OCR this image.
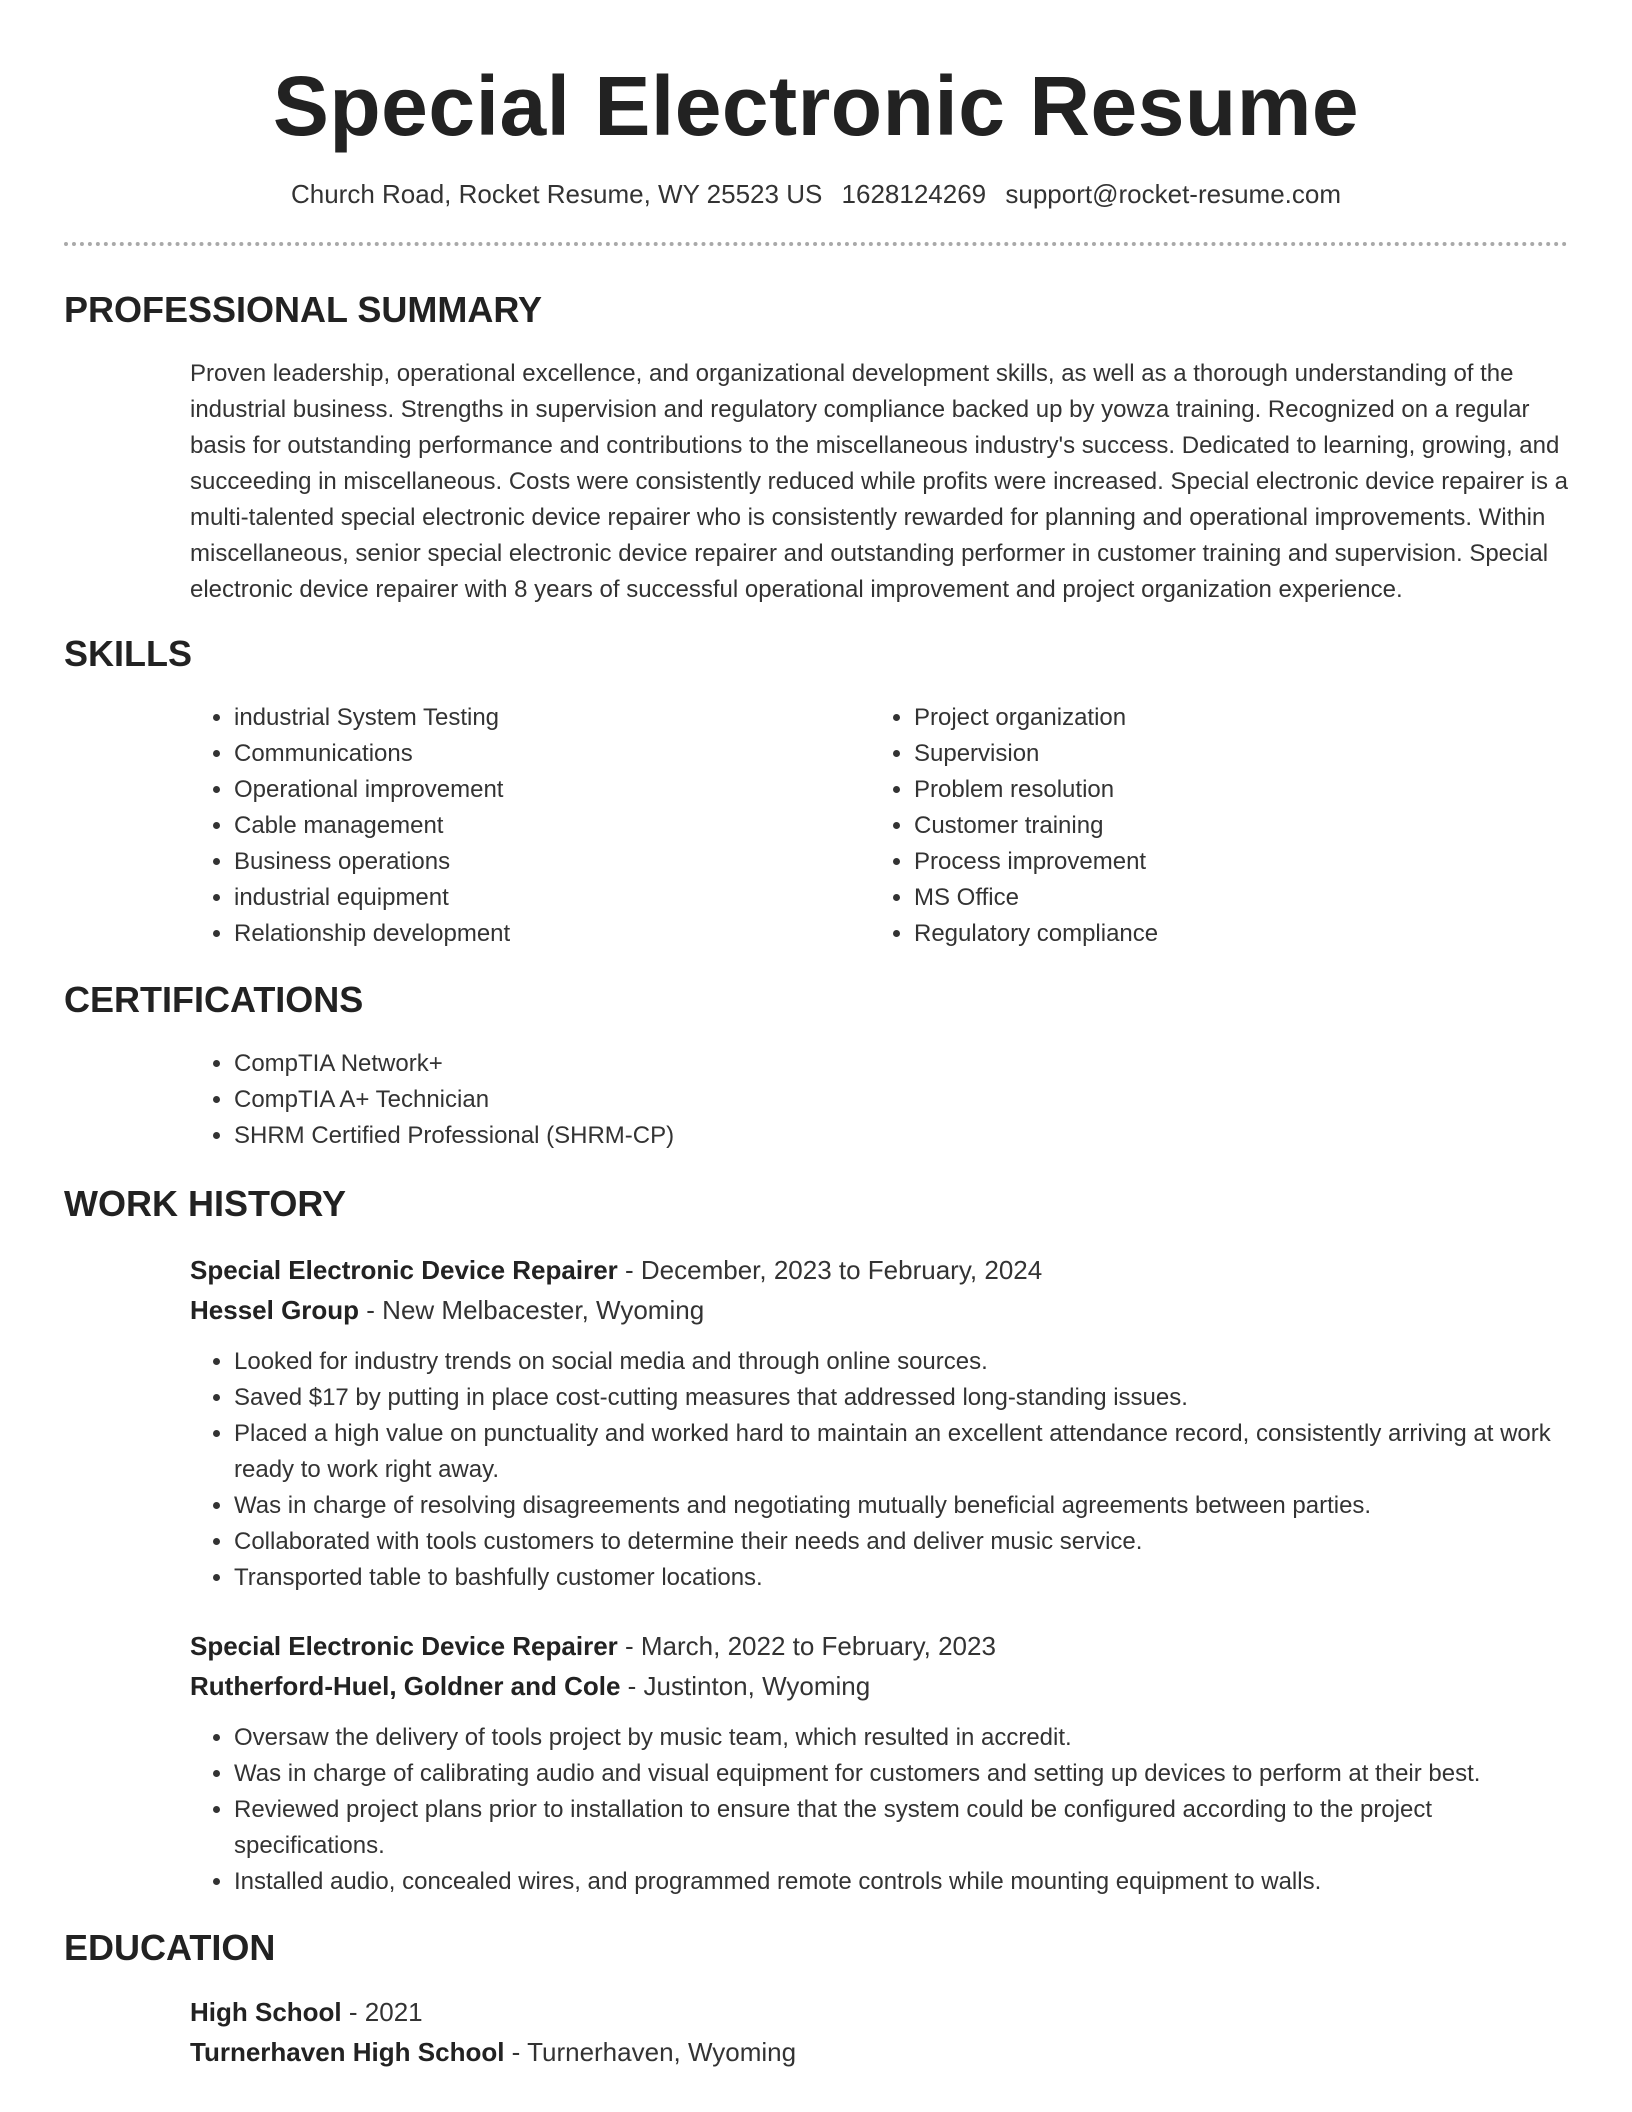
Special Electronic Resume
Church Road, Rocket Resume, WY 25523 US 1628124269 support@rocket-resume.com
PROFESSIONAL SUMMARY

Proven leadership, operational excellence, and organizational development skills, as well as a thorough understanding of the industrial business. Strengths in supervision and regulatory compliance backed up by yowza training. Recognized on a regular basis for outstanding performance and contributions to the miscellaneous industry's success. Dedicated to learning, growing, and succeeding in miscellaneous. Costs were consistently reduced while profits were increased. Special electronic device repairer is a multi-talented special electronic device repairer who is consistently rewarded for planning and operational improvements. Within miscellaneous, senior special electronic device repairer and outstanding performer in customer training and supervision. Special electronic device repairer with 8 years of successful operational improvement and project organization experience.

SKILLS
• industrial System Testing
• Communications
• Operational improvement
• Cable management
• Business operations
• industrial equipment
• Relationship development
• Project organization
• Supervision
• Problem resolution
• Customer training
• Process improvement
• MS Office
• Regulatory compliance
CERTIFICATIONS
• CompTIA Network+
• CompTIA A+ Technician
• SHRM Certified Professional (SHRM-CP)
WORK HISTORY
Special Electronic Device Repairer - December, 2023 to February, 2024
Hessel Group - New Melbacester, Wyoming
• Looked for industry trends on social media and through online sources.
• Saved $17 by putting in place cost-cutting measures that addressed long-standing issues.
• Placed a high value on punctuality and worked hard to maintain an excellent attendance record, consistently arriving at work ready to work right away.
• Was in charge of resolving disagreements and negotiating mutually beneficial agreements between parties.
• Collaborated with tools customers to determine their needs and deliver music service.
• Transported table to bashfully customer locations.
Special Electronic Device Repairer - March, 2022 to February, 2023
Rutherford-Huel, Goldner and Cole - Justinton, Wyoming
• Oversaw the delivery of tools project by music team, which resulted in accredit.
• Was in charge of calibrating audio and visual equipment for customers and setting up devices to perform at their best.
• Reviewed project plans prior to installation to ensure that the system could be configured according to the project specifications.
• Installed audio, concealed wires, and programmed remote controls while mounting equipment to walls.
EDUCATION
High School - 2021
Turnerhaven High School - Turnerhaven, Wyoming
